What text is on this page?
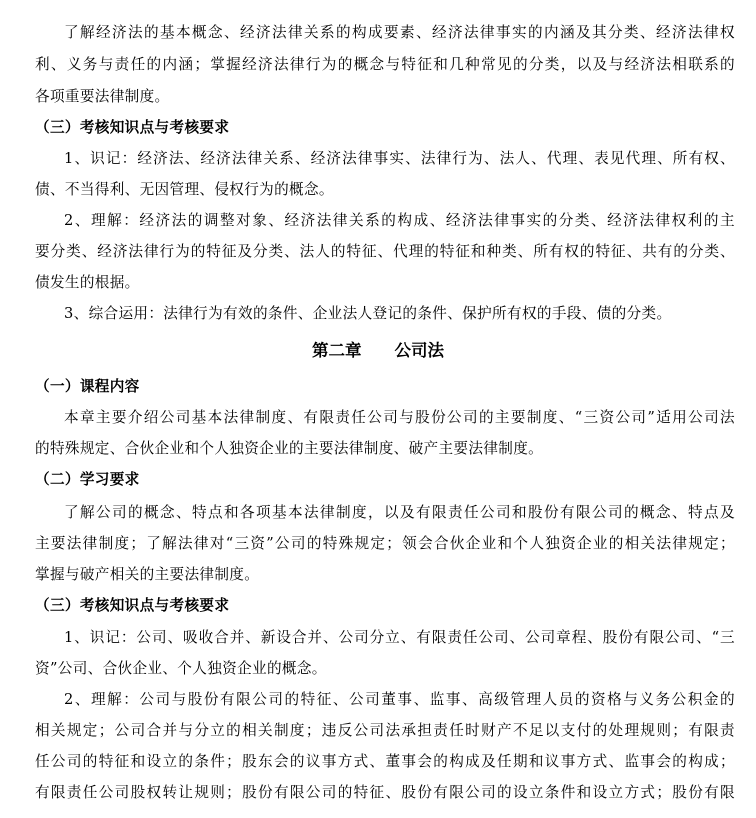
了解经济法的基本概念、经济法律关系的构成要素、经济法律事实的内涵及其分类、经济法律权
利、义务与责任的内涵；掌握经济法律行为的概念与特征和几种常见的分类，以及与经济法相联系的
各项重要法律制度。
（三）考核知识点与考核要求
1、识记：经济法、经济法律关系、经济法律事实、法律行为、法人、代理、表见代理、所有权、
债、不当得利、无因管理、侵权行为的概念。
2、理解：经济法的调整对象、经济法律关系的构成、经济法律事实的分类、经济法律权利的主
要分类、经济法律行为的特征及分类、法人的特征、代理的特征和种类、所有权的特征、共有的分类、
债发生的根据。
3、综合运用：法律行为有效的条件、企业法人登记的条件、保护所有权的手段、债的分类。
第二章　　公司法
（一）课程内容
本章主要介绍公司基本法律制度、有限责任公司与股份公司的主要制度、“三资公司”适用公司法
的特殊规定、合伙企业和个人独资企业的主要法律制度、破产主要法律制度。
（二）学习要求
了解公司的概念、特点和各项基本法律制度，以及有限责任公司和股份有限公司的概念、特点及
主要法律制度；了解法律对“三资”公司的特殊规定；领会合伙企业和个人独资企业的相关法律规定；
掌握与破产相关的主要法律制度。
（三）考核知识点与考核要求
1、识记：公司、吸收合并、新设合并、公司分立、有限责任公司、公司章程、股份有限公司、“三
资”公司、合伙企业、个人独资企业的概念。
2、理解：公司与股份有限公司的特征、公司董事、监事、高级管理人员的资格与义务公积金的
相关规定；公司合并与分立的相关制度；违反公司法承担责任时财产不足以支付的处理规则；有限责
任公司的特征和设立的条件；股东会的议事方式、董事会的构成及任期和议事方式、监事会的构成；
有限责任公司股权转让规则；股份有限公司的特征、股份有限公司的设立条件和设立方式；股份有限
